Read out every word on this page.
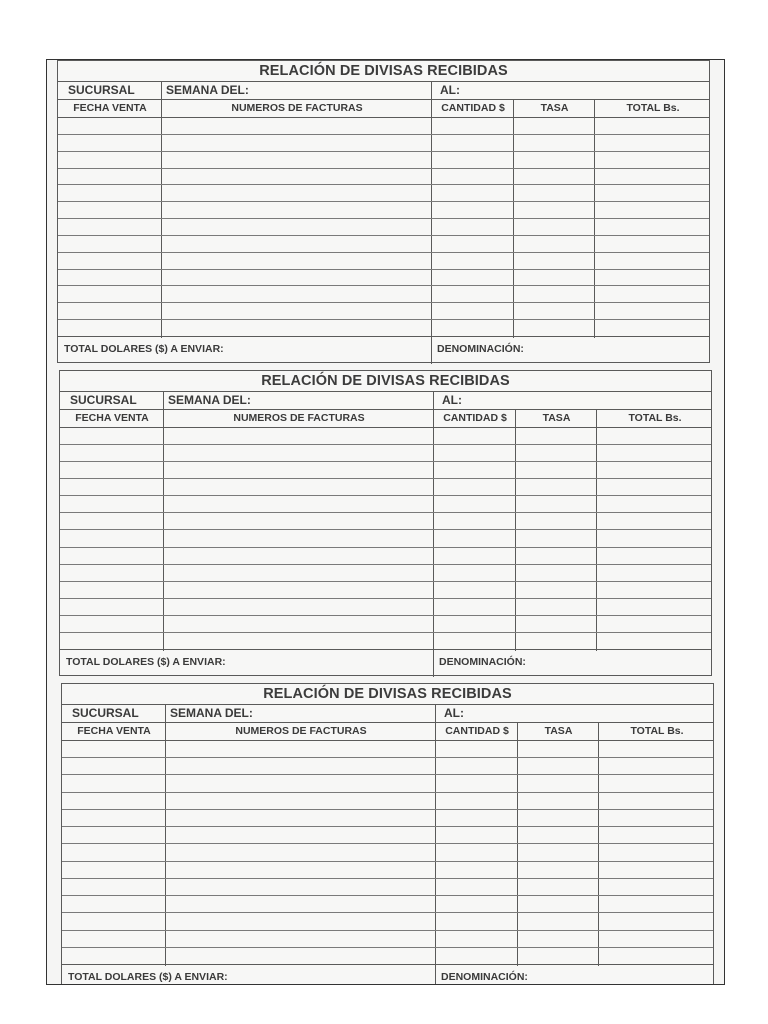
RELACIÓN DE DIVISAS RECIBIDAS
SUCURSAL	SEMANA DEL:	AL:
FECHA VENTA	NUMEROS DE FACTURAS	CANTIDAD $	TASA	TOTAL Bs.
TOTAL DOLARES ($) A ENVIAR:	DENOMINACIÓN:
RELACIÓN DE DIVISAS RECIBIDAS
SUCURSAL	SEMANA DEL:	AL:
FECHA VENTA	NUMEROS DE FACTURAS	CANTIDAD $	TASA	TOTAL Bs.
TOTAL DOLARES ($) A ENVIAR:	DENOMINACIÓN:
RELACIÓN DE DIVISAS RECIBIDAS
SUCURSAL	SEMANA DEL:	AL:
FECHA VENTA	NUMEROS DE FACTURAS	CANTIDAD $	TASA	TOTAL Bs.
TOTAL DOLARES ($) A ENVIAR:	DENOMINACIÓN:
